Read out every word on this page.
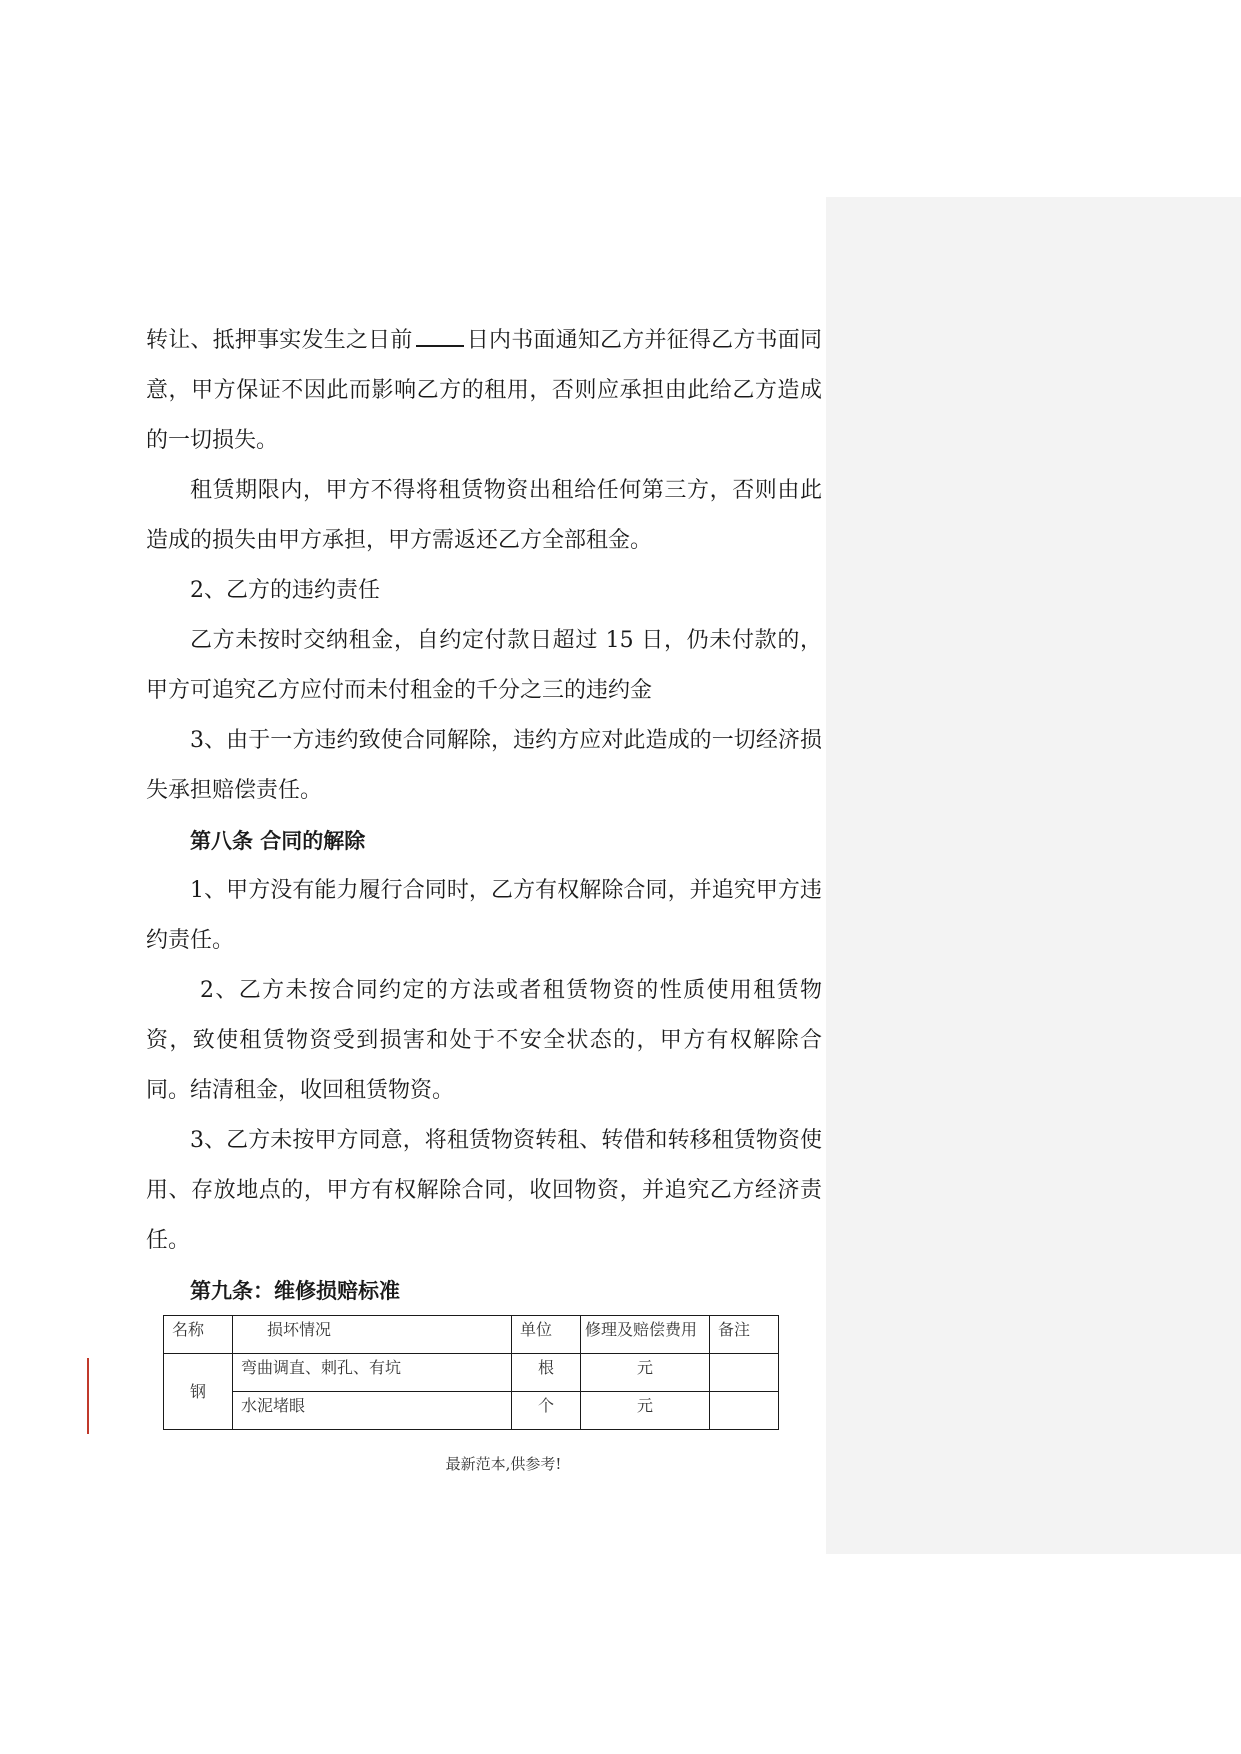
转让、抵押事实发生之日前 日内书面通知乙方并征得乙方书面同意，甲方保证不因此而影响乙方的租用，否则应承担由此给乙方造成的一切损失。

租赁期限内，甲方不得将租赁物资出租给任何第三方，否则由此造成的损失由甲方承担，甲方需返还乙方全部租金。

2、乙方的违约责任

乙方未按时交纳租金，自约定付款日超过 15 日，仍未付款的，甲方可追究乙方应付而未付租金的千分之三的违约金

3、由于一方违约致使合同解除，违约方应对此造成的一切经济损失承担赔偿责任。

第八条 合同的解除

1、甲方没有能力履行合同时，乙方有权解除合同，并追究甲方违约责任。

2、乙方未按合同约定的方法或者租赁物资的性质使用租赁物资，致使租赁物资受到损害和处于不安全状态的，甲方有权解除合同。结清租金，收回租赁物资。

3、乙方未按甲方同意，将租赁物资转租、转借和转移租赁物资使用、存放地点的，甲方有权解除合同，收回物资，并追究乙方经济责任。

第九条：维修损赔标准

名称	损坏情况	单位	修理及赔偿费用	备注
钢	弯曲调直、刺孔、有坑	根	元	
	水泥堵眼	个	元	
最新范本,供参考!
